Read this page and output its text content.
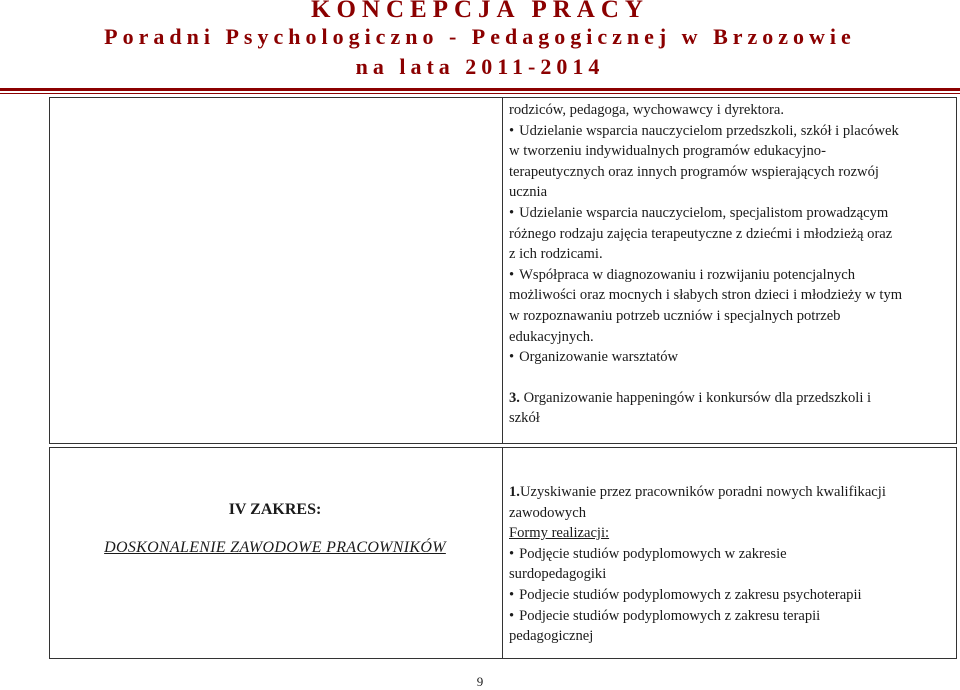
KONCEPCJA PRACY
Poradni Psychologiczno - Pedagogicznej w Brzozowie
na lata 2011-2014

rodziców, pedagoga, wychowawcy i dyrektora.

• Udzielanie wsparcia nauczycielom przedszkoli, szkół i placówek

w tworzeniu indywidualnych programów edukacyjno-

terapeutycznych oraz innych programów wspierających rozwój

ucznia

• Udzielanie wsparcia nauczycielom, specjalistom prowadzącym

różnego rodzaju zajęcia terapeutyczne z dziećmi i młodzieżą oraz

z ich rodzicami.

• Współpraca w diagnozowaniu i rozwijaniu potencjalnych

możliwości oraz mocnych i słabych stron dzieci i młodzieży w tym

w rozpoznawaniu potrzeb uczniów i specjalnych potrzeb

edukacyjnych.

• Organizowanie warsztatów

3. Organizowanie happeningów i konkursów dla przedszkoli i

szkół

IV ZAKRES:
DOSKONALENIE ZAWODOWE PRACOWNIKÓW

1.Uzyskiwanie przez pracowników poradni nowych kwalifikacji

zawodowych

Formy realizacji:

• Podjęcie studiów podyplomowych w zakresie

surdopedagogiki

• Podjecie studiów podyplomowych z zakresu psychoterapii

• Podjecie studiów podyplomowych z zakresu terapii

pedagogicznej

9
